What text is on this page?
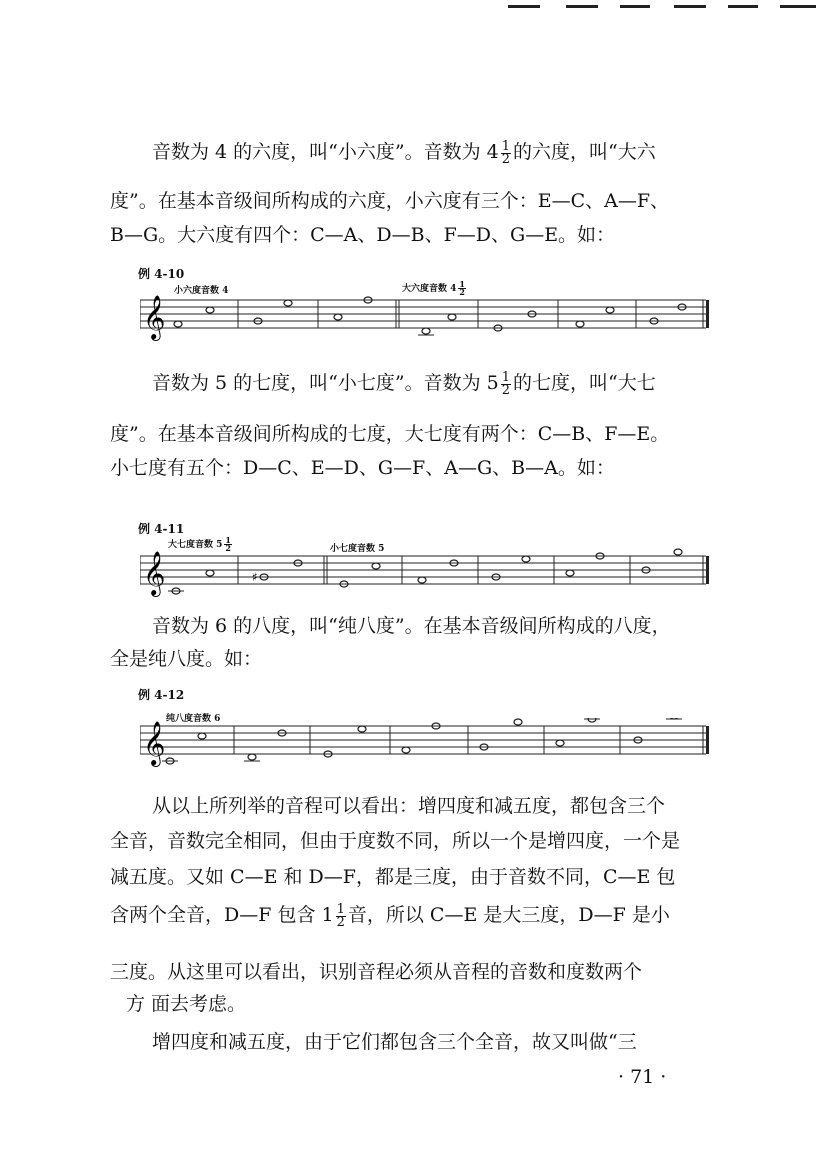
音数为 4 的六度，叫“小六度”。音数为 $4 \frac{1}{2}$ 的六度，叫“大六
度”。在基本音级间所构成的六度，小六度有三个：E—C、A—F、
B—G。大六度有四个：C—A、D—B、F—D、G—E。如：
例 4-10
小六度音数 4	大六度音数 $4 \frac{1}{2}$
𝄞
音数为 5 的七度，叫“小七度”。音数为 $5 \frac{1}{2}$ 的七度，叫“大七
度”。在基本音级间所构成的七度，大七度有两个：C—B、F—E。
小七度有五个：D—C、E—D、G—F、A—G、B—A。如：
例 4-11
大七度音数 $5 \frac{1}{2}$	小七度音数 5
𝄞	♯
音数为 6 的八度，叫“纯八度”。在基本音级间所构成的八度，
全是纯八度。如：
例 4-12
纯八度音数 6
𝄞
从以上所列举的音程可以看出：增四度和减五度，都包含三个
全音，音数完全相同，但由于度数不同，所以一个是增四度，一个是
减五度。又如 C—E 和 D—F，都是三度，由于音数不同，C—E 包
含两个全音，D—F 包含 $1 \frac{1}{2}$ 音，所以 C—E 是大三度，D—F 是小
三度。从这里可以看出，识别音程必须从音程的音数和度数两个
方 面去考虑。
增四度和减五度，由于它们都包含三个全音，故又叫做“三
· 71 ·
